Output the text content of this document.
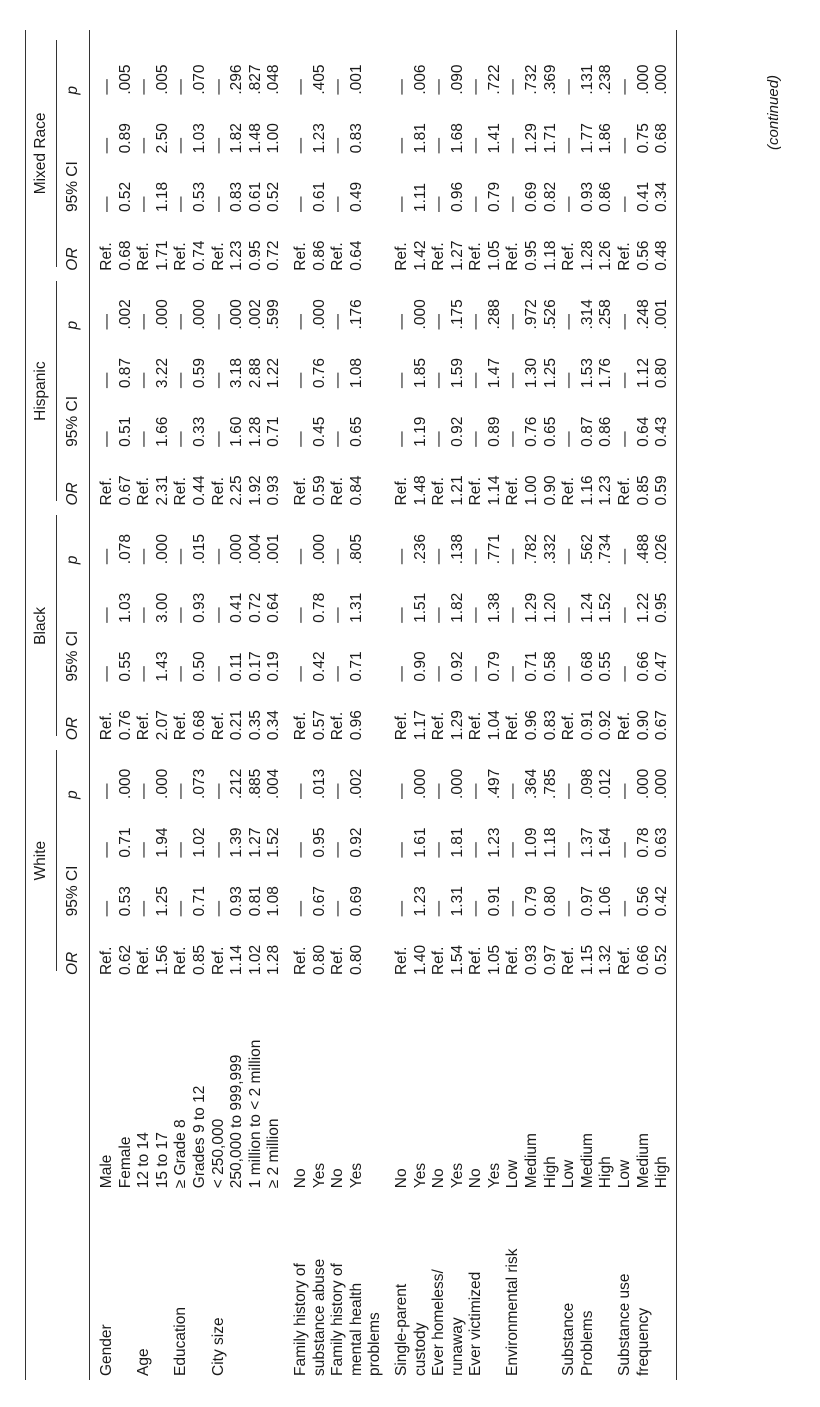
		White				Black				Hispanic				Mixed Race			

		OR	95% CI		p	OR	95% CI		p	OR	95% CI		p	OR	95% CI		p

Gender	Male	Ref.	—	—	—	Ref.	—	—	—	Ref.	—	—	—	Ref.	—	—	—
	Female	0.62	0.53	0.71	.000	0.76	0.55	1.03	.078	0.67	0.51	0.87	.002	0.68	0.52	0.89	.005
Age	12 to 14	Ref.	—	—	—	Ref.	—	—	—	Ref.	—	—	—	Ref.	—	—	—
	15 to 17	1.56	1.25	1.94	.000	2.07	1.43	3.00	.000	2.31	1.66	3.22	.000	1.71	1.18	2.50	.005
Education	≥ Grade 8	Ref.	—	—	—	Ref.	—	—	—	Ref.	—	—	—	Ref.	—	—	—
	Grades 9 to 12	0.85	0.71	1.02	.073	0.68	0.50	0.93	.015	0.44	0.33	0.59	.000	0.74	0.53	1.03	.070
City size	< 250,000	Ref.	—	—	—	Ref.	—	—	—	Ref.	—	—	—	Ref.	—	—	—
	250,000 to 999,999	1.14	0.93	1.39	.212	0.21	0.11	0.41	.000	2.25	1.60	3.18	.000	1.23	0.83	1.82	.296
	1 million to < 2 million	1.02	0.81	1.27	.885	0.35	0.17	0.72	.004	1.92	1.28	2.88	.002	0.95	0.61	1.48	.827
	≥ 2 million	1.28	1.08	1.52	.004	0.34	0.19	0.64	.001	0.93	0.71	1.22	.599	0.72	0.52	1.00	.048

Family history of	No	Ref.	—	—	—	Ref.	—	—	—	Ref.	—	—	—	Ref.	—	—	—
substance abuse	Yes	0.80	0.67	0.95	.013	0.57	0.42	0.78	.000	0.59	0.45	0.76	.000	0.86	0.61	1.23	.405
Family history of	No	Ref.	—	—	—	Ref.	—	—	—	Ref.	—	—	—	Ref.	—	—	—
mental health	Yes	0.80	0.69	0.92	.002	0.96	0.71	1.31	.805	0.84	0.65	1.08	.176	0.64	0.49	0.83	.001
problems																	

Single-parent	No	Ref.	—	—	—	Ref.	—	—	—	Ref.	—	—	—	Ref.	—	—	—
custody	Yes	1.40	1.23	1.61	.000	1.17	0.90	1.51	.236	1.48	1.19	1.85	.000	1.42	1.11	1.81	.006
Ever homeless/	No	Ref.	—	—	—	Ref.	—	—	—	Ref.	—	—	—	Ref.	—	—	—
runaway	Yes	1.54	1.31	1.81	.000	1.29	0.92	1.82	.138	1.21	0.92	1.59	.175	1.27	0.96	1.68	.090
Ever victimized	No	Ref.	—	—	—	Ref.	—	—	—	Ref.	—	—	—	Ref.	—	—	—
	Yes	1.05	0.91	1.23	.497	1.04	0.79	1.38	.771	1.14	0.89	1.47	.288	1.05	0.79	1.41	.722
Environmental risk	Low	Ref.	—	—	—	Ref.	—	—	—	Ref.	—	—	—	Ref.	—	—	—
	Medium	0.93	0.79	1.09	.364	0.96	0.71	1.29	.782	1.00	0.76	1.30	.972	0.95	0.69	1.29	.732
	High	0.97	0.80	1.18	.785	0.83	0.58	1.20	.332	0.90	0.65	1.25	.526	1.18	0.82	1.71	.369
Substance	Low	Ref.	—	—	—	Ref.	—	—	—	Ref.	—	—	—	Ref.	—	—	—
Problems	Medium	1.15	0.97	1.37	.098	0.91	0.68	1.24	.562	1.16	0.87	1.53	.314	1.28	0.93	1.77	.131
	High	1.32	1.06	1.64	.012	0.92	0.55	1.52	.734	1.23	0.86	1.76	.258	1.26	0.86	1.86	.238
Substance use	Low	Ref.	—	—	—	Ref.	—	—	—	Ref.	—	—	—	Ref.	—	—	—
frequency	Medium	0.66	0.56	0.78	.000	0.90	0.66	1.22	.488	0.85	0.64	1.12	.248	0.56	0.41	0.75	.000
	High	0.52	0.42	0.63	.000	0.67	0.47	0.95	.026	0.59	0.43	0.80	.001	0.48	0.34	0.68	.000	(continued)
